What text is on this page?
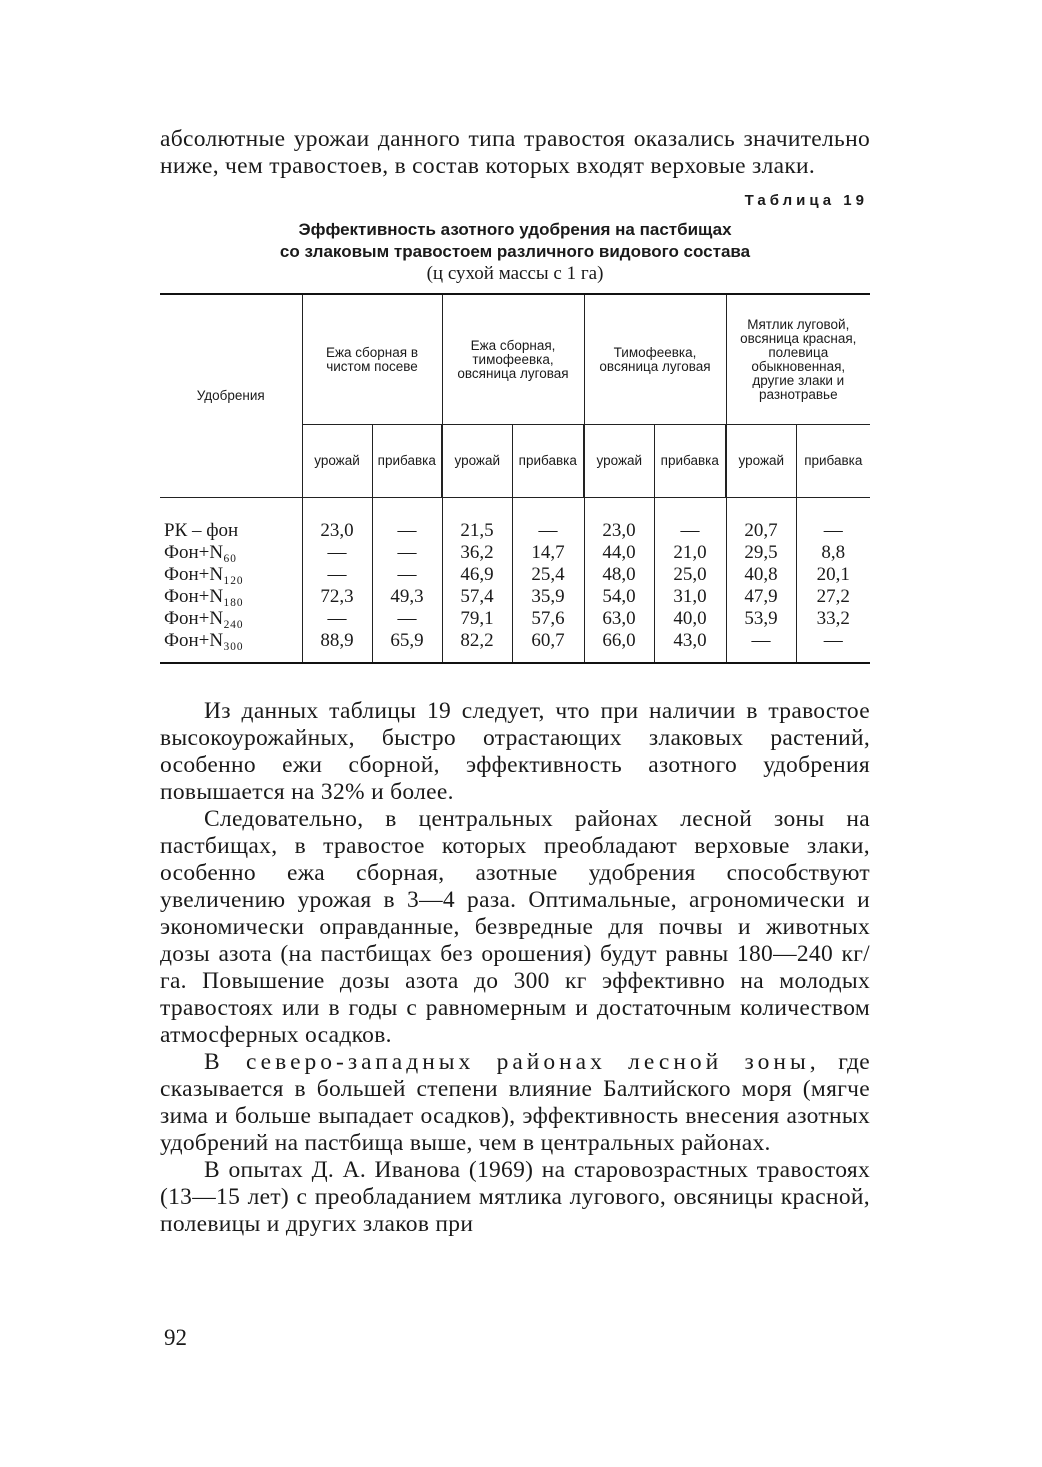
абсолютные урожаи данного типа травостоя оказались значительно ниже, чем травостоев, в состав которых входят верховые злаки.

Таблица 19
Эффективность азотного удобрения на пастбищах
со злаковым травостоем различного видового состава
(ц сухой массы с 1 га)
Удобрения	Ежа сборная в чистом посеве		Ежа сборная, тимофеевка, овсяница луговая		Тимофеевка, овсяница луговая		Мятлик луговой, овсяница красная, полевица обыкновенная, другие злаки и разнотравье	
	урожай	прибавка	урожай	прибавка	урожай	прибавка	урожай	прибавка
РК – фон	23,0	—	21,5	—	23,0	—	20,7	—
Фон+N₆₀	—	—	36,2	14,7	44,0	21,0	29,5	8,8
Фон+N₁₂₀	—	—	46,9	25,4	48,0	25,0	40,8	20,1
Фон+N₁₈₀	72,3	49,3	57,4	35,9	54,0	31,0	47,9	27,2
Фон+N₂₄₀	—	—	79,1	57,6	63,0	40,0	53,9	33,2
Фон+N₃₀₀	88,9	65,9	82,2	60,7	66,0	43,0	—	—

Из данных таблицы 19 следует, что при наличии в травостое высокоурожайных, быстро отрастающих злаковых растений, особенно ежи сборной, эффективность азотного удобрения повышается на 32% и более.

Следовательно, в центральных районах лесной зоны на пастбищах, в травостое которых преобладают верховые злаки, особенно ежа сборная, азотные удобрения способствуют увеличению урожая в 3—4 раза. Оптимальные, агрономически и экономически оправданные, безвредные для почвы и животных дозы азота (на пастбищах без орошения) будут равны 180—240 кг/га. Повышение дозы азота до 300 кг эффективно на молодых травостоях или в годы с равномерным и достаточным количеством атмосферных осадков.

В северо-западных районах лесной зоны, где сказывается в большей степени влияние Балтийского моря (мягче зима и больше выпадает осадков), эффективность внесения азотных удобрений на пастбища выше, чем в центральных районах.

В опытах Д. А. Иванова (1969) на старовозрастных травостоях (13—15 лет) с преобладанием мятлика лугового, овсяницы красной, полевицы и других злаков при

92
